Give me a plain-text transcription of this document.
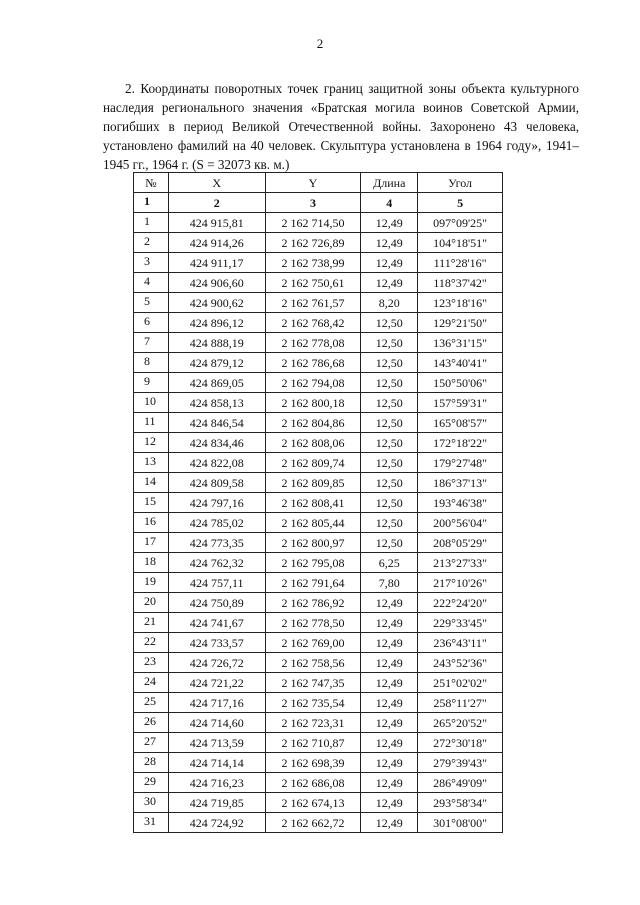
2

2. Координаты поворотных точек границ защитной зоны объекта культурного наследия регионального значения «Братская могила воинов Советской Армии, погибших в период Великой Отечественной войны. Захоронено 43 человека, установлено фамилий на 40 человек. Скульптура установлена в 1964 году», 1941–1945 гг., 1964 г. (S = 32073 кв. м.)

№	X	Y	Длина	Угол
1	2	3	4	5
1	424 915,81	2 162 714,50	12,49	097°09'25"
2	424 914,26	2 162 726,89	12,49	104°18'51"
3	424 911,17	2 162 738,99	12,49	111°28'16"
4	424 906,60	2 162 750,61	12,49	118°37'42"
5	424 900,62	2 162 761,57	8,20	123°18'16"
6	424 896,12	2 162 768,42	12,50	129°21'50"
7	424 888,19	2 162 778,08	12,50	136°31'15"
8	424 879,12	2 162 786,68	12,50	143°40'41"
9	424 869,05	2 162 794,08	12,50	150°50'06"
10	424 858,13	2 162 800,18	12,50	157°59'31"
11	424 846,54	2 162 804,86	12,50	165°08'57"
12	424 834,46	2 162 808,06	12,50	172°18'22"
13	424 822,08	2 162 809,74	12,50	179°27'48"
14	424 809,58	2 162 809,85	12,50	186°37'13"
15	424 797,16	2 162 808,41	12,50	193°46'38"
16	424 785,02	2 162 805,44	12,50	200°56'04"
17	424 773,35	2 162 800,97	12,50	208°05'29"
18	424 762,32	2 162 795,08	6,25	213°27'33"
19	424 757,11	2 162 791,64	7,80	217°10'26"
20	424 750,89	2 162 786,92	12,49	222°24'20"
21	424 741,67	2 162 778,50	12,49	229°33'45"
22	424 733,57	2 162 769,00	12,49	236°43'11"
23	424 726,72	2 162 758,56	12,49	243°52'36"
24	424 721,22	2 162 747,35	12,49	251°02'02"
25	424 717,16	2 162 735,54	12,49	258°11'27"
26	424 714,60	2 162 723,31	12,49	265°20'52"
27	424 713,59	2 162 710,87	12,49	272°30'18"
28	424 714,14	2 162 698,39	12,49	279°39'43"
29	424 716,23	2 162 686,08	12,49	286°49'09"
30	424 719,85	2 162 674,13	12,49	293°58'34"
31	424 724,92	2 162 662,72	12,49	301°08'00"
